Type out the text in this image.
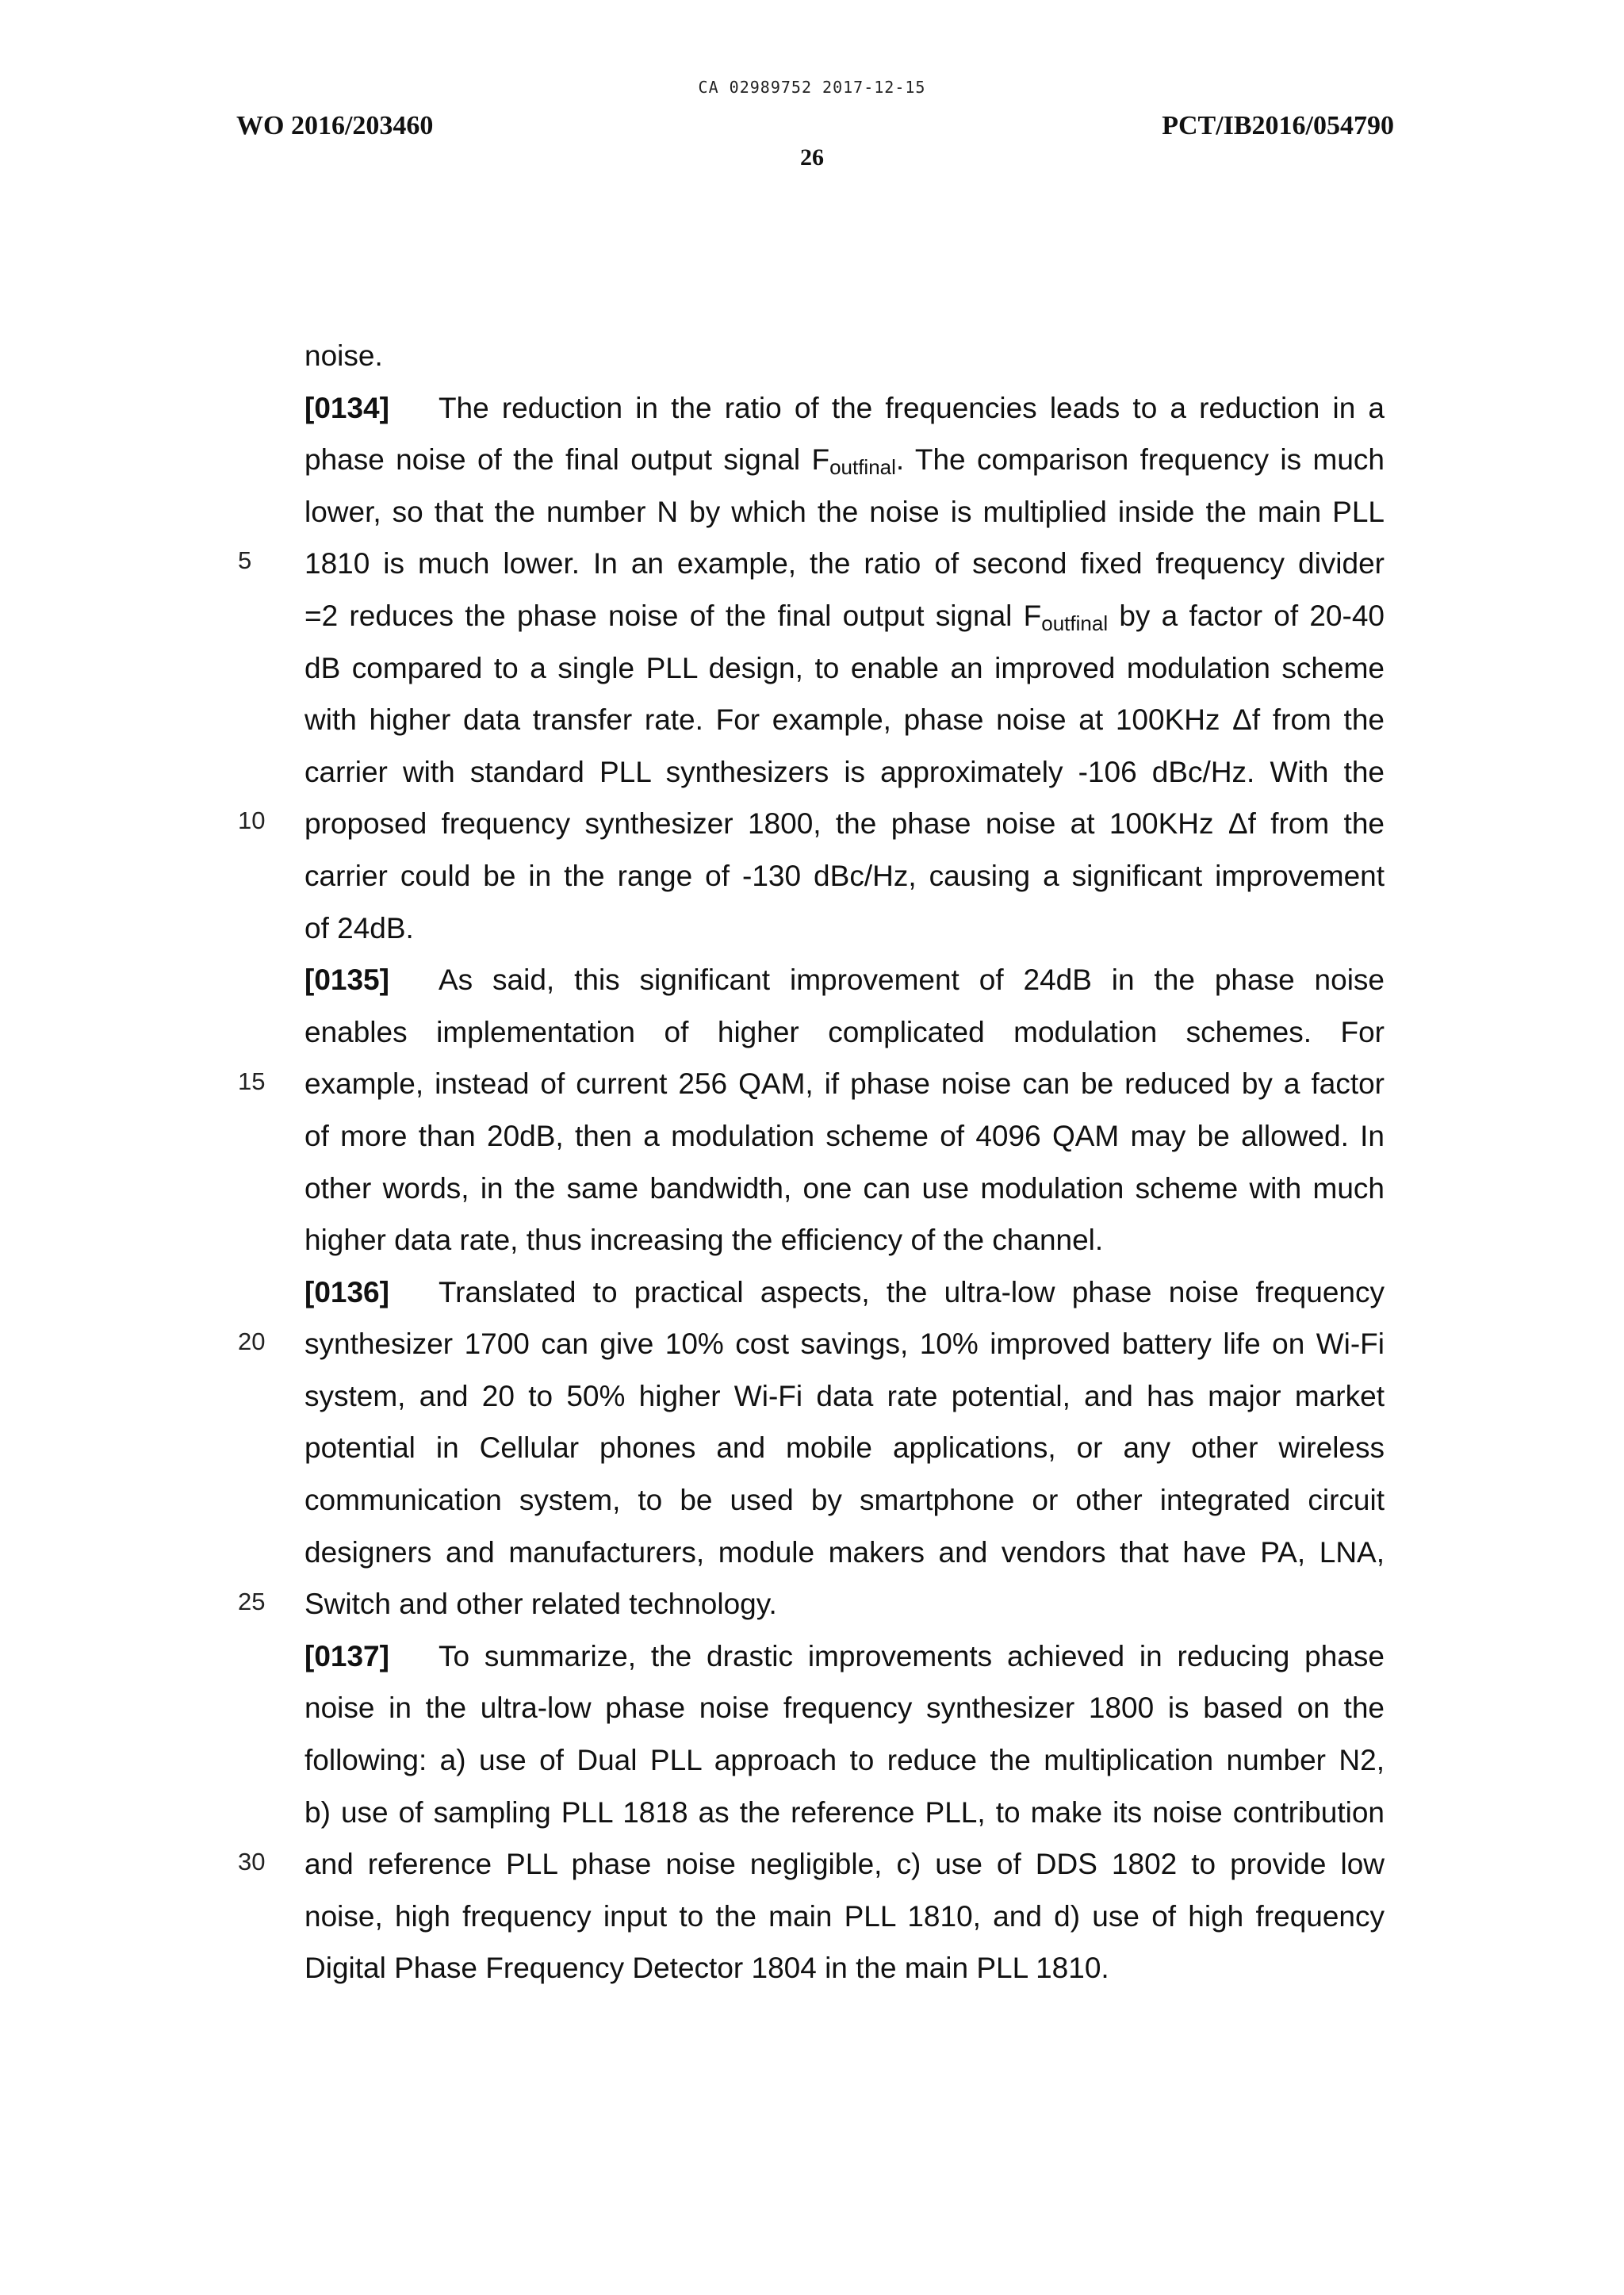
CA 02989752 2017-12-15
WO 2016/203460	PCT/IB2016/054790
26
5
10
15
20
25
30

noise.

[0134] The reduction in the ratio of the frequencies leads to a reduction in a

phase noise of the final output signal $F_{outfinal}$. The comparison frequency is much

lower, so that the number N by which the noise is multiplied inside the main PLL

1810 is much lower. In an example, the ratio of second fixed frequency divider

=2 reduces the phase noise of the final output signal $F_{outfinal}$ by a factor of 20-40

dB compared to a single PLL design, to enable an improved modulation scheme

with higher data transfer rate. For example, phase noise at 100KHz Δf from the

carrier with standard PLL synthesizers is approximately -106 dBc/Hz. With the

proposed frequency synthesizer 1800, the phase noise at 100KHz Δf from the

carrier could be in the range of -130 dBc/Hz, causing a significant improvement

of 24dB.

[0135] As said, this significant improvement of 24dB in the phase noise

enables implementation of higher complicated modulation schemes. For

example, instead of current 256 QAM, if phase noise can be reduced by a factor

of more than 20dB, then a modulation scheme of 4096 QAM may be allowed. In

other words, in the same bandwidth, one can use modulation scheme with much

higher data rate, thus increasing the efficiency of the channel.

[0136] Translated to practical aspects, the ultra-low phase noise frequency

synthesizer 1700 can give 10% cost savings, 10% improved battery life on Wi-Fi

system, and 20 to 50% higher Wi-Fi data rate potential, and has major market

potential in Cellular phones and mobile applications, or any other wireless

communication system, to be used by smartphone or other integrated circuit

designers and manufacturers, module makers and vendors that have PA, LNA,

Switch and other related technology.

[0137] To summarize, the drastic improvements achieved in reducing phase

noise in the ultra-low phase noise frequency synthesizer 1800 is based on the

following: a) use of Dual PLL approach to reduce the multiplication number N2,

b) use of sampling PLL 1818 as the reference PLL, to make its noise contribution

and reference PLL phase noise negligible, c) use of DDS 1802 to provide low

noise, high frequency input to the main PLL 1810, and d) use of high frequency

Digital Phase Frequency Detector 1804 in the main PLL 1810.
